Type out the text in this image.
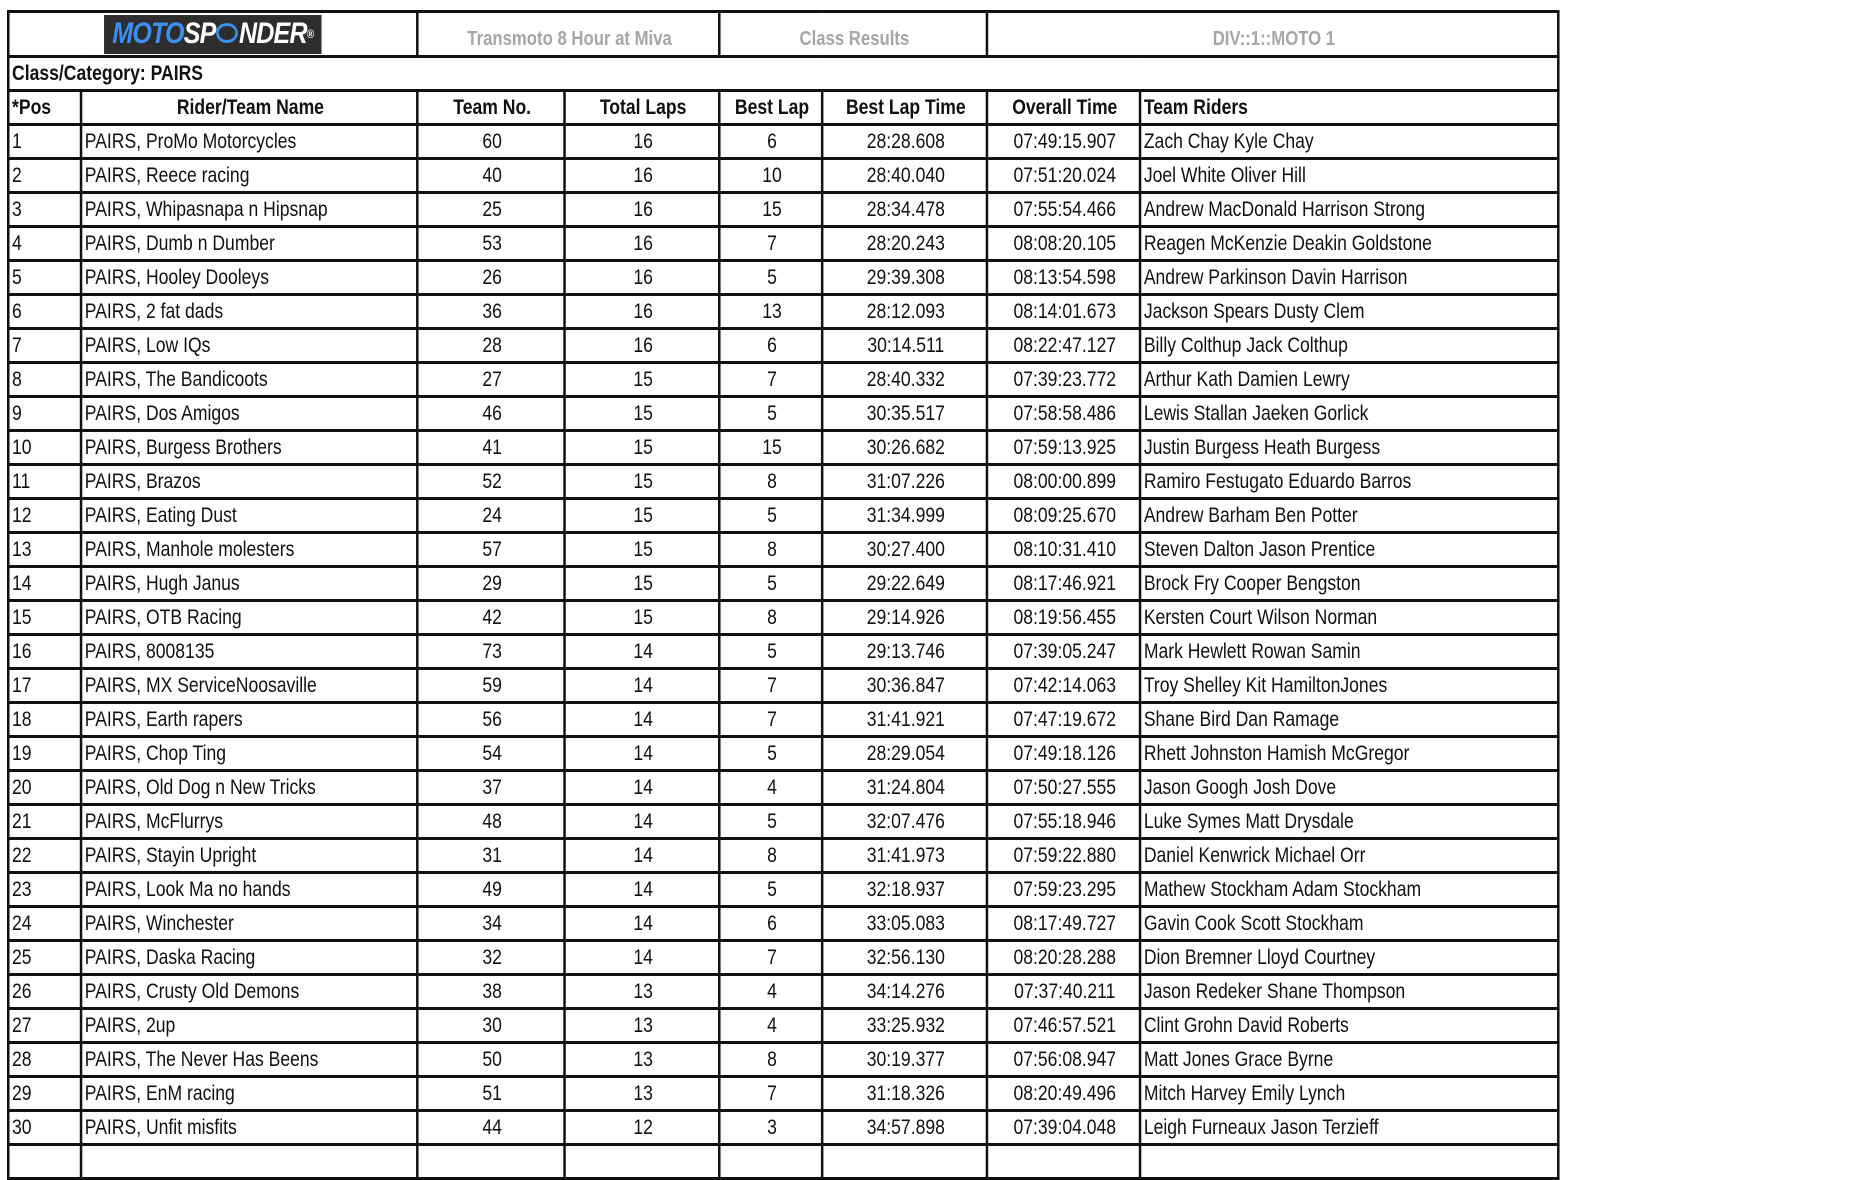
MOTOSP NDER®		Transmoto 8 Hour at Miva		Class Results		DIV::1::MOTO 1	
Class/Category: PAIRS							
*Pos	Rider/Team Name	Team No.	Total Laps	Best Lap	Best Lap Time	Overall Time	Team Riders
1	PAIRS, ProMo Motorcycles	60	16	6	28:28.608	07:49:15.907	Zach Chay Kyle Chay
2	PAIRS, Reece racing	40	16	10	28:40.040	07:51:20.024	Joel White Oliver Hill
3	PAIRS, Whipasnapa n Hipsnap	25	16	15	28:34.478	07:55:54.466	Andrew MacDonald Harrison Strong
4	PAIRS, Dumb n Dumber	53	16	7	28:20.243	08:08:20.105	Reagen McKenzie Deakin Goldstone
5	PAIRS, Hooley Dooleys	26	16	5	29:39.308	08:13:54.598	Andrew Parkinson Davin Harrison
6	PAIRS, 2 fat dads	36	16	13	28:12.093	08:14:01.673	Jackson Spears Dusty Clem
7	PAIRS, Low IQs	28	16	6	30:14.511	08:22:47.127	Billy Colthup Jack Colthup
8	PAIRS, The Bandicoots	27	15	7	28:40.332	07:39:23.772	Arthur Kath Damien Lewry
9	PAIRS, Dos Amigos	46	15	5	30:35.517	07:58:58.486	Lewis Stallan Jaeken Gorlick
10	PAIRS, Burgess Brothers	41	15	15	30:26.682	07:59:13.925	Justin Burgess Heath Burgess
11	PAIRS, Brazos	52	15	8	31:07.226	08:00:00.899	Ramiro Festugato Eduardo Barros
12	PAIRS, Eating Dust	24	15	5	31:34.999	08:09:25.670	Andrew Barham Ben Potter
13	PAIRS, Manhole molesters	57	15	8	30:27.400	08:10:31.410	Steven Dalton Jason Prentice
14	PAIRS, Hugh Janus	29	15	5	29:22.649	08:17:46.921	Brock Fry Cooper Bengston
15	PAIRS, OTB Racing	42	15	8	29:14.926	08:19:56.455	Kersten Court Wilson Norman
16	PAIRS, 8008135	73	14	5	29:13.746	07:39:05.247	Mark Hewlett Rowan Samin
17	PAIRS, MX ServiceNoosaville	59	14	7	30:36.847	07:42:14.063	Troy Shelley Kit HamiltonJones
18	PAIRS, Earth rapers	56	14	7	31:41.921	07:47:19.672	Shane Bird Dan Ramage
19	PAIRS, Chop Ting	54	14	5	28:29.054	07:49:18.126	Rhett Johnston Hamish McGregor
20	PAIRS, Old Dog n New Tricks	37	14	4	31:24.804	07:50:27.555	Jason Googh Josh Dove
21	PAIRS, McFlurrys	48	14	5	32:07.476	07:55:18.946	Luke Symes Matt Drysdale
22	PAIRS, Stayin Upright	31	14	8	31:41.973	07:59:22.880	Daniel Kenwrick Michael Orr
23	PAIRS, Look Ma no hands	49	14	5	32:18.937	07:59:23.295	Mathew Stockham Adam Stockham
24	PAIRS, Winchester	34	14	6	33:05.083	08:17:49.727	Gavin Cook Scott Stockham
25	PAIRS, Daska Racing	32	14	7	32:56.130	08:20:28.288	Dion Bremner Lloyd Courtney
26	PAIRS, Crusty Old Demons	38	13	4	34:14.276	07:37:40.211	Jason Redeker Shane Thompson
27	PAIRS, 2up	30	13	4	33:25.932	07:46:57.521	Clint Grohn David Roberts
28	PAIRS, The Never Has Beens	50	13	8	30:19.377	07:56:08.947	Matt Jones Grace Byrne
29	PAIRS, EnM racing	51	13	7	31:18.326	08:20:49.496	Mitch Harvey Emily Lynch
30	PAIRS, Unfit misfits	44	12	3	34:57.898	07:39:04.048	Leigh Furneaux Jason Terzieff
